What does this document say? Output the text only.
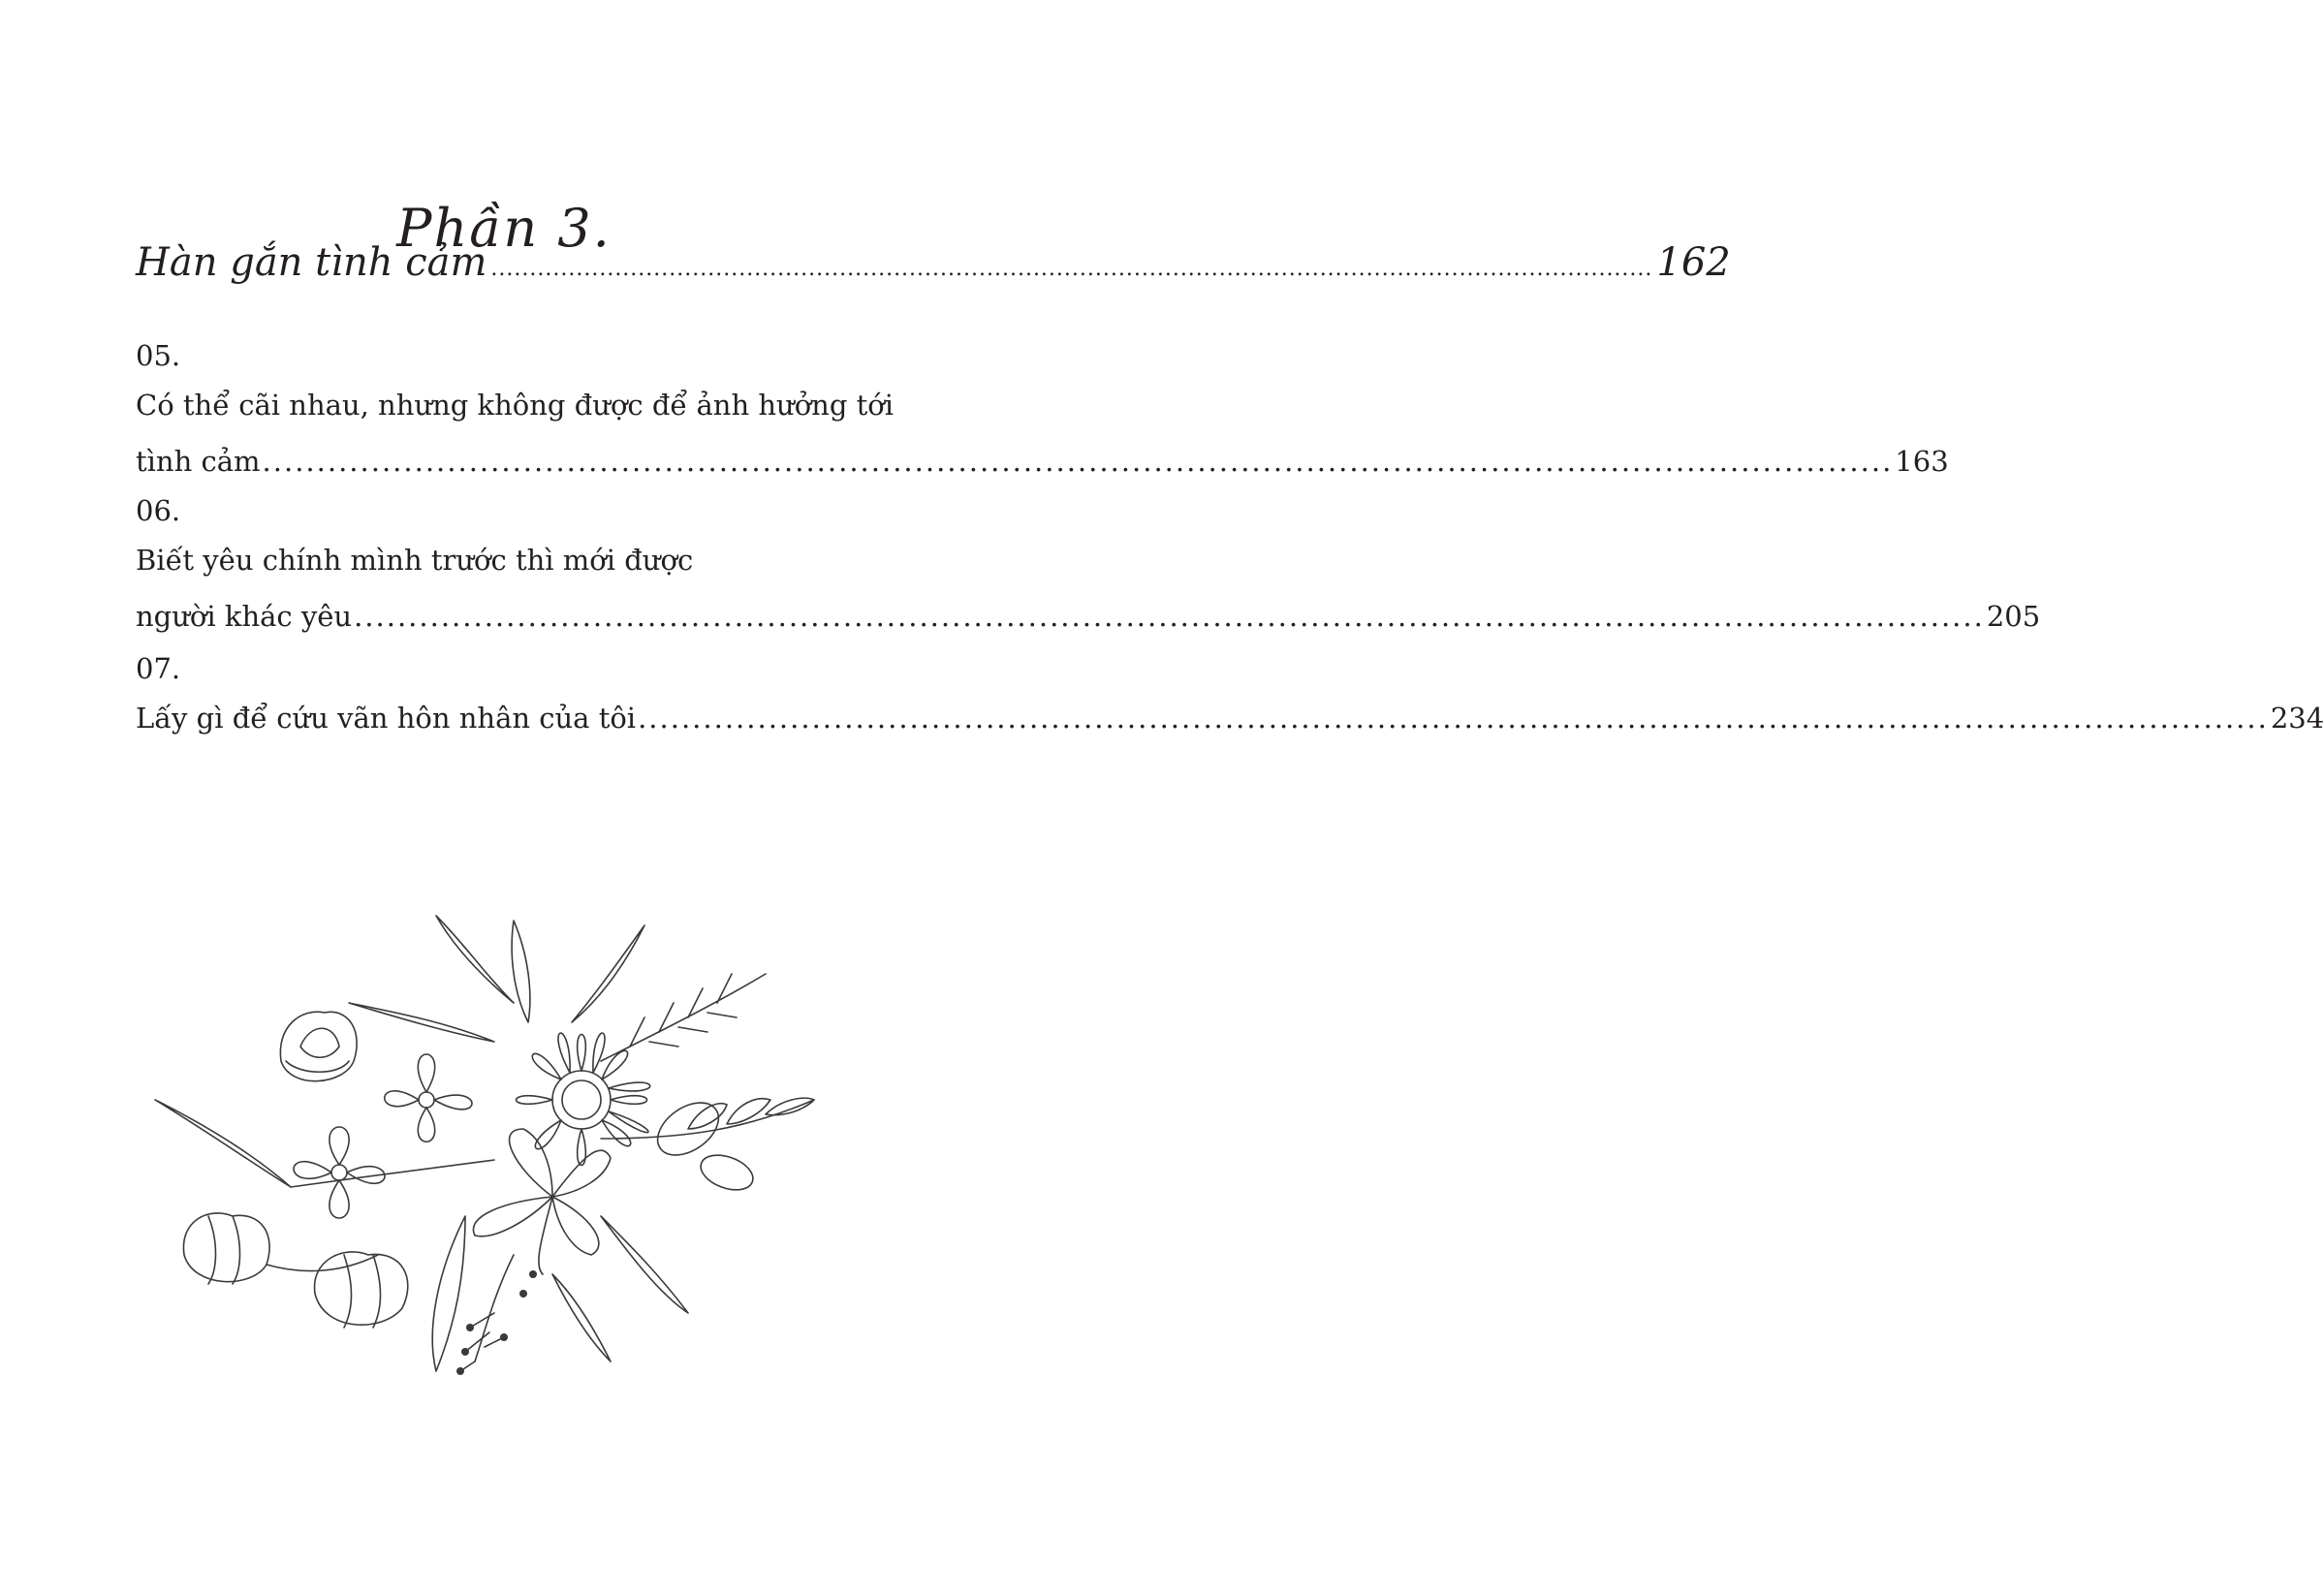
Phần 3.
Hàn gắn tình cảm ...................................................................................................................................................... 162
05.
Có thể cãi nhau, nhưng không được để ảnh hưởng tới
tình cảm ...................................................................................................................................................... 163
06.
Biết yêu chính mình trước thì mới được
người khác yêu ...................................................................................................................................................... 205
07.
Lấy gì để cứu vãn hôn nhân của tôi ...................................................................................................................................................... 234
